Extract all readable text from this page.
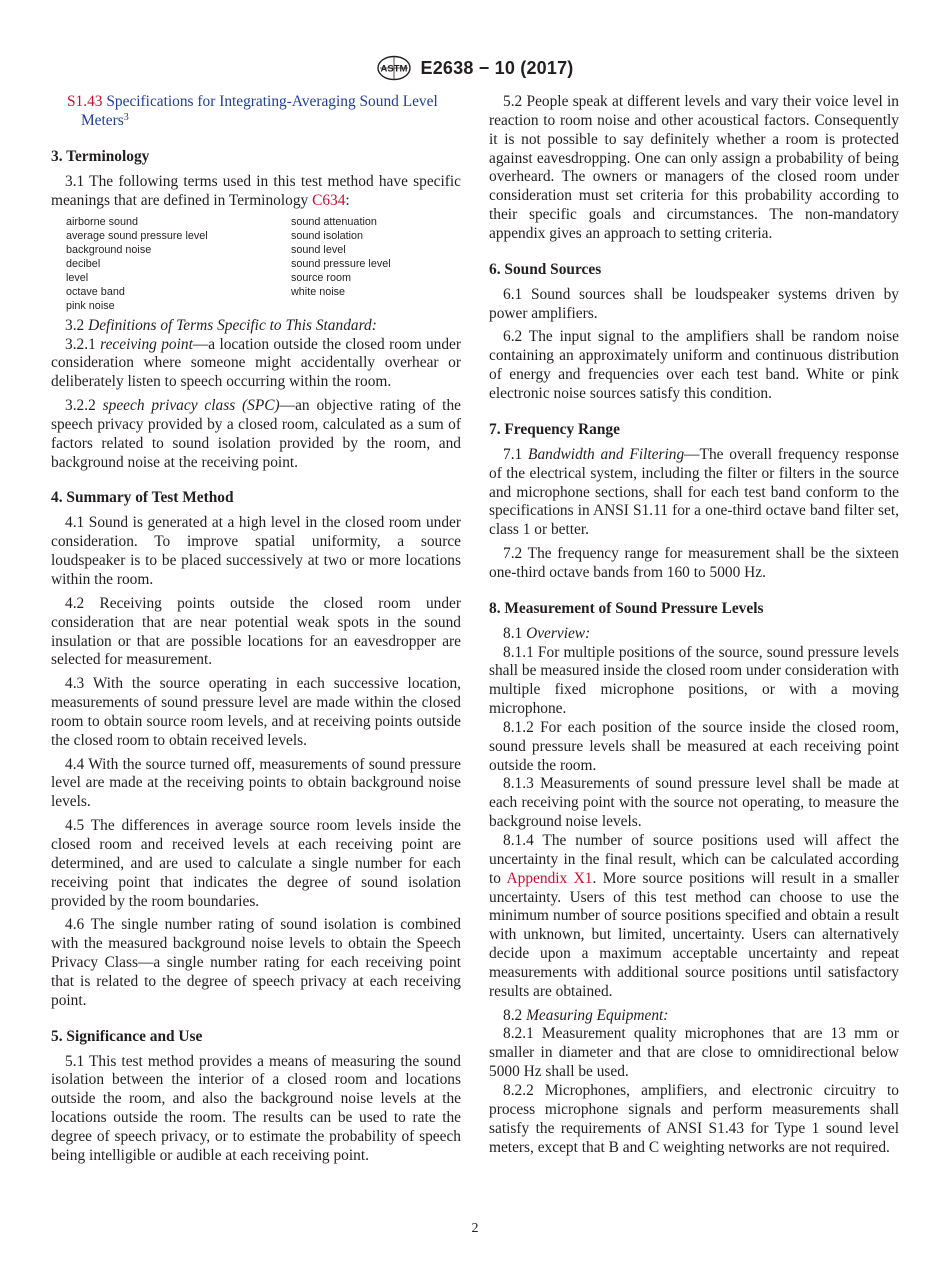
ASTM E2638 − 10 (2017)

S1.43 Specifications for Integrating-Averaging Sound Level Meters$^3$

3. Terminology

3.1 The following terms used in this test method have specific meanings that are defined in Terminology C634:

airborne sound
average sound pressure level
background noise
decibel
level
octave band
pink noise
sound attenuation
sound isolation
sound level
sound pressure level
source room
white noise

3.2 Definitions of Terms Specific to This Standard:

3.2.1 receiving point—a location outside the closed room under consideration where someone might accidentally overhear or deliberately listen to speech occurring within the room.

3.2.2 speech privacy class (SPC)—an objective rating of the speech privacy provided by a closed room, calculated as a sum of factors related to sound isolation provided by the room, and background noise at the receiving point.

4. Summary of Test Method

4.1 Sound is generated at a high level in the closed room under consideration. To improve spatial uniformity, a source loudspeaker is to be placed successively at two or more locations within the room.

4.2 Receiving points outside the closed room under consideration that are near potential weak spots in the sound insulation or that are possible locations for an eavesdropper are selected for measurement.

4.3 With the source operating in each successive location, measurements of sound pressure level are made within the closed room to obtain source room levels, and at receiving points outside the closed room to obtain received levels.

4.4 With the source turned off, measurements of sound pressure level are made at the receiving points to obtain background noise levels.

4.5 The differences in average source room levels inside the closed room and received levels at each receiving point are determined, and are used to calculate a single number for each receiving point that indicates the degree of sound isolation provided by the room boundaries.

4.6 The single number rating of sound isolation is combined with the measured background noise levels to obtain the Speech Privacy Class—a single number rating for each receiving point that is related to the degree of speech privacy at each receiving point.

5. Significance and Use

5.1 This test method provides a means of measuring the sound isolation between the interior of a closed room and locations outside the room, and also the background noise levels at the locations outside the room. The results can be used to rate the degree of speech privacy, or to estimate the probability of speech being intelligible or audible at each receiving point.

5.2 People speak at different levels and vary their voice level in reaction to room noise and other acoustical factors. Consequently it is not possible to say definitely whether a room is protected against eavesdropping. One can only assign a probability of being overheard. The owners or managers of the closed room under consideration must set criteria for this probability according to their specific goals and circumstances. The non-mandatory appendix gives an approach to setting criteria.

6. Sound Sources

6.1 Sound sources shall be loudspeaker systems driven by power amplifiers.

6.2 The input signal to the amplifiers shall be random noise containing an approximately uniform and continuous distribution of energy and frequencies over each test band. White or pink electronic noise sources satisfy this condition.

7. Frequency Range

7.1 Bandwidth and Filtering—The overall frequency response of the electrical system, including the filter or filters in the source and microphone sections, shall for each test band conform to the specifications in ANSI S1.11 for a one-third octave band filter set, class 1 or better.

7.2 The frequency range for measurement shall be the sixteen one-third octave bands from 160 to 5000 Hz.

8. Measurement of Sound Pressure Levels

8.1 Overview:

8.1.1 For multiple positions of the source, sound pressure levels shall be measured inside the closed room under consideration with multiple fixed microphone positions, or with a moving microphone.

8.1.2 For each position of the source inside the closed room, sound pressure levels shall be measured at each receiving point outside the room.

8.1.3 Measurements of sound pressure level shall be made at each receiving point with the source not operating, to measure the background noise levels.

8.1.4 The number of source positions used will affect the uncertainty in the final result, which can be calculated according to Appendix X1. More source positions will result in a smaller uncertainty. Users of this test method can choose to use the minimum number of source positions specified and obtain a result with unknown, but limited, uncertainty. Users can alternatively decide upon a maximum acceptable uncertainty and repeat measurements with additional source positions until satisfactory results are obtained.

8.2 Measuring Equipment:

8.2.1 Measurement quality microphones that are 13 mm or smaller in diameter and that are close to omnidirectional below 5000 Hz shall be used.

8.2.2 Microphones, amplifiers, and electronic circuitry to process microphone signals and perform measurements shall satisfy the requirements of ANSI S1.43 for Type 1 sound level meters, except that B and C weighting networks are not required.

2
